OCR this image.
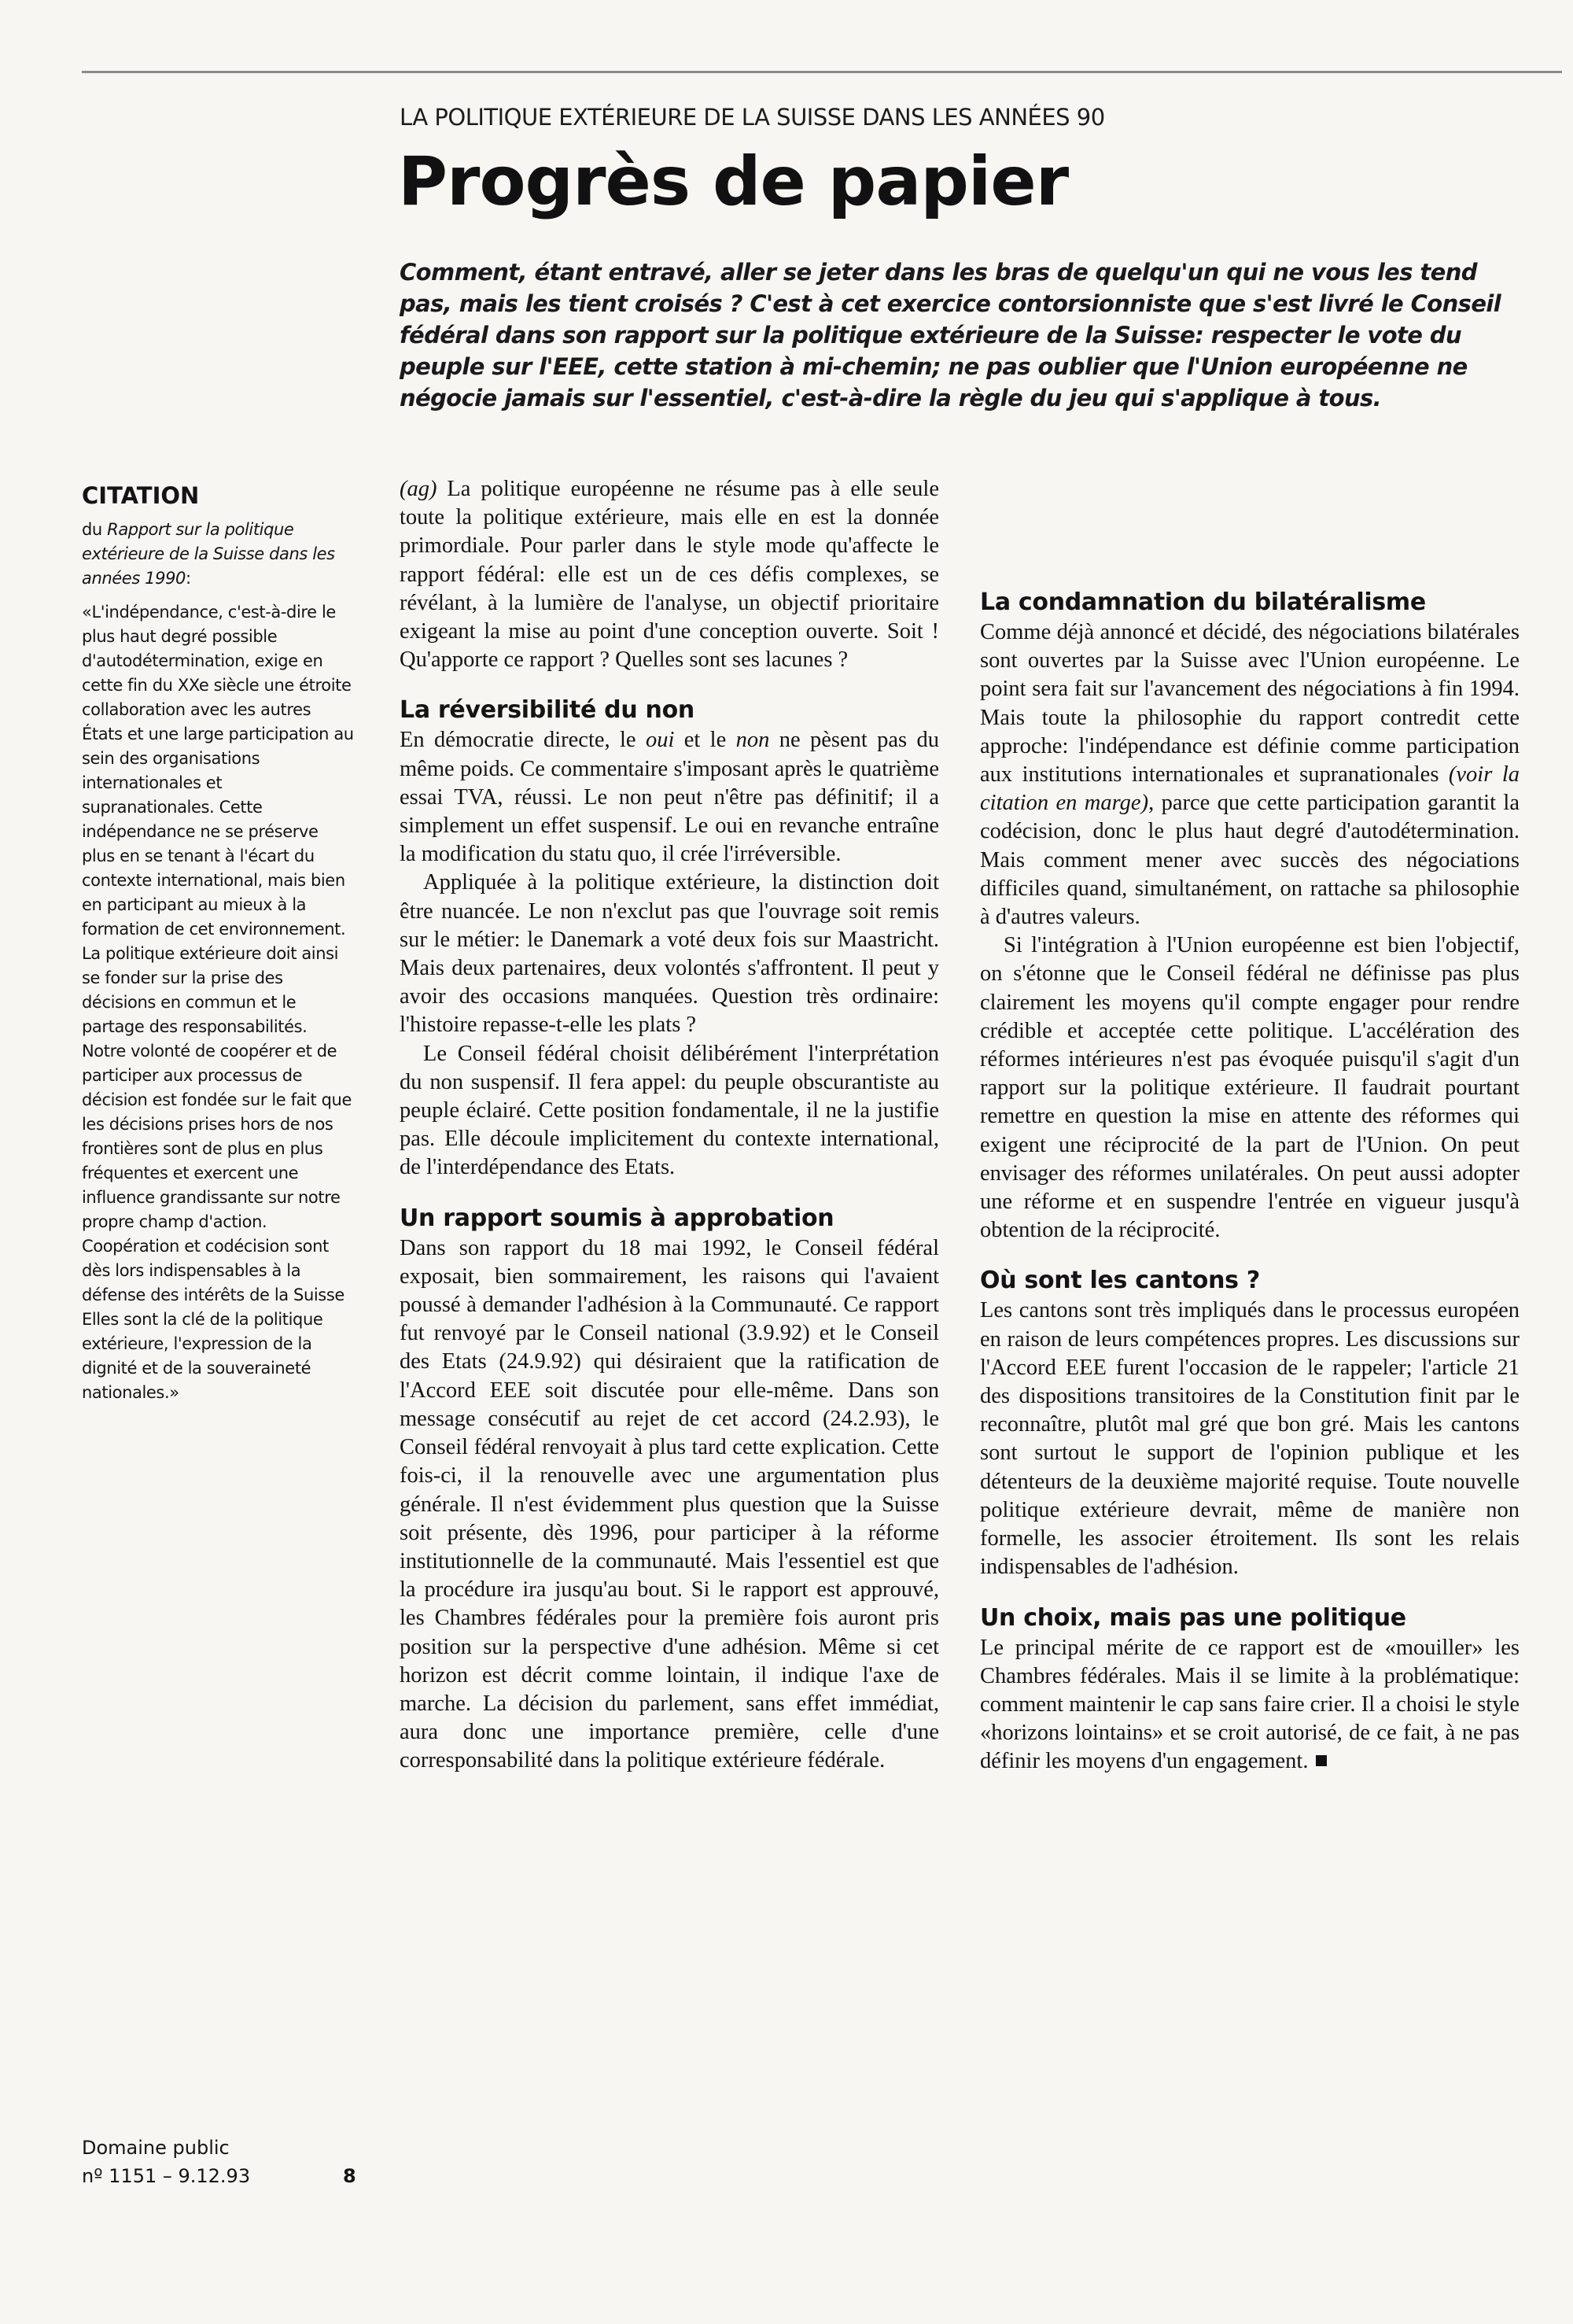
LA POLITIQUE EXTÉRIEURE DE LA SUISSE DANS LES ANNÉES 90
Progrès de papier

Comment, étant entravé, aller se jeter dans les bras de quelqu'un qui ne vous les tend pas, mais les tient croisés ? C'est à cet exercice contorsionniste que s'est livré le Conseil fédéral dans son rapport sur la politique extérieure de la Suisse: respecter le vote du peuple sur l'EEE, cette station à mi-chemin; ne pas oublier que l'Union européenne ne négocie jamais sur l'essentiel, c'est-à-dire la règle du jeu qui s'applique à tous.

CITATION

du Rapport sur la politique extérieure de la Suisse dans les années 1990:

«L'indépendance, c'est-à-dire le plus haut degré possible d'autodétermination, exige en cette fin du XXe siècle une étroite collaboration avec les autres États et une large participation au sein des organisations internationales et supranationales. Cette indépendance ne se préserve plus en se tenant à l'écart du contexte international, mais bien en participant au mieux à la formation de cet environnement. La politique extérieure doit ainsi se fonder sur la prise des décisions en commun et le partage des responsabilités. Notre volonté de coopérer et de participer aux processus de décision est fondée sur le fait que les décisions prises hors de nos frontières sont de plus en plus fréquentes et exercent une influence grandissante sur notre propre champ d'action. Coopération et codécision sont dès lors indispensables à la défense des intérêts de la Suisse Elles sont la clé de la politique extérieure, l'expression de la dignité et de la souveraineté nationales.»

Domaine public
nº 1151 – 9.12.93	8

(ag) La politique européenne ne résume pas à elle seule toute la politique extérieure, mais elle en est la donnée primordiale. Pour parler dans le style mode qu'affecte le rapport fédéral: elle est un de ces défis complexes, se révélant, à la lumière de l'analyse, un objectif prioritaire exigeant la mise au point d'une conception ouverte. Soit ! Qu'apporte ce rapport ? Quelles sont ses lacunes ?

La réversibilité du non

En démocratie directe, le oui et le non ne pèsent pas du même poids. Ce commentaire s'imposant après le quatrième essai TVA, réussi. Le non peut n'être pas définitif; il a simplement un effet suspensif. Le oui en revanche entraîne la modification du statu quo, il crée l'irréversible.

Appliquée à la politique extérieure, la distinction doit être nuancée. Le non n'exclut pas que l'ouvrage soit remis sur le métier: le Danemark a voté deux fois sur Maastricht. Mais deux partenaires, deux volontés s'affrontent. Il peut y avoir des occasions manquées. Question très ordinaire: l'histoire repasse-t-elle les plats ?

Le Conseil fédéral choisit délibérément l'interprétation du non suspensif. Il fera appel: du peuple obscurantiste au peuple éclairé. Cette position fondamentale, il ne la justifie pas. Elle découle implicitement du contexte international, de l'interdépendance des Etats.

Un rapport soumis à approbation

Dans son rapport du 18 mai 1992, le Conseil fédéral exposait, bien sommairement, les raisons qui l'avaient poussé à demander l'adhésion à la Communauté. Ce rapport fut renvoyé par le Conseil national (3.9.92) et le Conseil des Etats (24.9.92) qui désiraient que la ratification de l'Accord EEE soit discutée pour elle-même. Dans son message consécutif au rejet de cet accord (24.2.93), le Conseil fédéral renvoyait à plus tard cette explication. Cette fois-ci, il la renouvelle avec une argumentation plus générale. Il n'est évidemment plus question que la Suisse soit présente, dès 1996, pour participer à la réforme institutionnelle de la communauté. Mais l'essentiel est que la procédure ira jusqu'au bout. Si le rapport est approuvé, les Chambres fédérales pour la première fois auront pris position sur la perspective d'une adhésion. Même si cet horizon est décrit comme lointain, il indique l'axe de marche. La décision du parlement, sans effet immédiat, aura donc une importance première, celle d'une corresponsabilité dans la politique extérieure fédérale.

La condamnation du bilatéralisme

Comme déjà annoncé et décidé, des négociations bilatérales sont ouvertes par la Suisse avec l'Union européenne. Le point sera fait sur l'avancement des négociations à fin 1994. Mais toute la philosophie du rapport contredit cette approche: l'indépendance est définie comme participation aux institutions internationales et supranationales (voir la citation en marge), parce que cette participation garantit la codécision, donc le plus haut degré d'autodétermination. Mais comment mener avec succès des négociations difficiles quand, simultanément, on rattache sa philosophie à d'autres valeurs.

Si l'intégration à l'Union européenne est bien l'objectif, on s'étonne que le Conseil fédéral ne définisse pas plus clairement les moyens qu'il compte engager pour rendre crédible et acceptée cette politique. L'accélération des réformes intérieures n'est pas évoquée puisqu'il s'agit d'un rapport sur la politique extérieure. Il faudrait pourtant remettre en question la mise en attente des réformes qui exigent une réciprocité de la part de l'Union. On peut envisager des réformes unilatérales. On peut aussi adopter une réforme et en suspendre l'entrée en vigueur jusqu'à obtention de la réciprocité.

Où sont les cantons ?

Les cantons sont très impliqués dans le processus européen en raison de leurs compétences propres. Les discussions sur l'Accord EEE furent l'occasion de le rappeler; l'article 21 des dispositions transitoires de la Constitution finit par le reconnaître, plutôt mal gré que bon gré. Mais les cantons sont surtout le support de l'opinion publique et les détenteurs de la deuxième majorité requise. Toute nouvelle politique extérieure devrait, même de manière non formelle, les associer étroitement. Ils sont les relais indispensables de l'adhésion.

Un choix, mais pas une politique

Le principal mérite de ce rapport est de «mouiller» les Chambres fédérales. Mais il se limite à la problématique: comment maintenir le cap sans faire crier. Il a choisi le style «horizons lointains» et se croit autorisé, de ce fait, à ne pas définir les moyens d'un engagement.
